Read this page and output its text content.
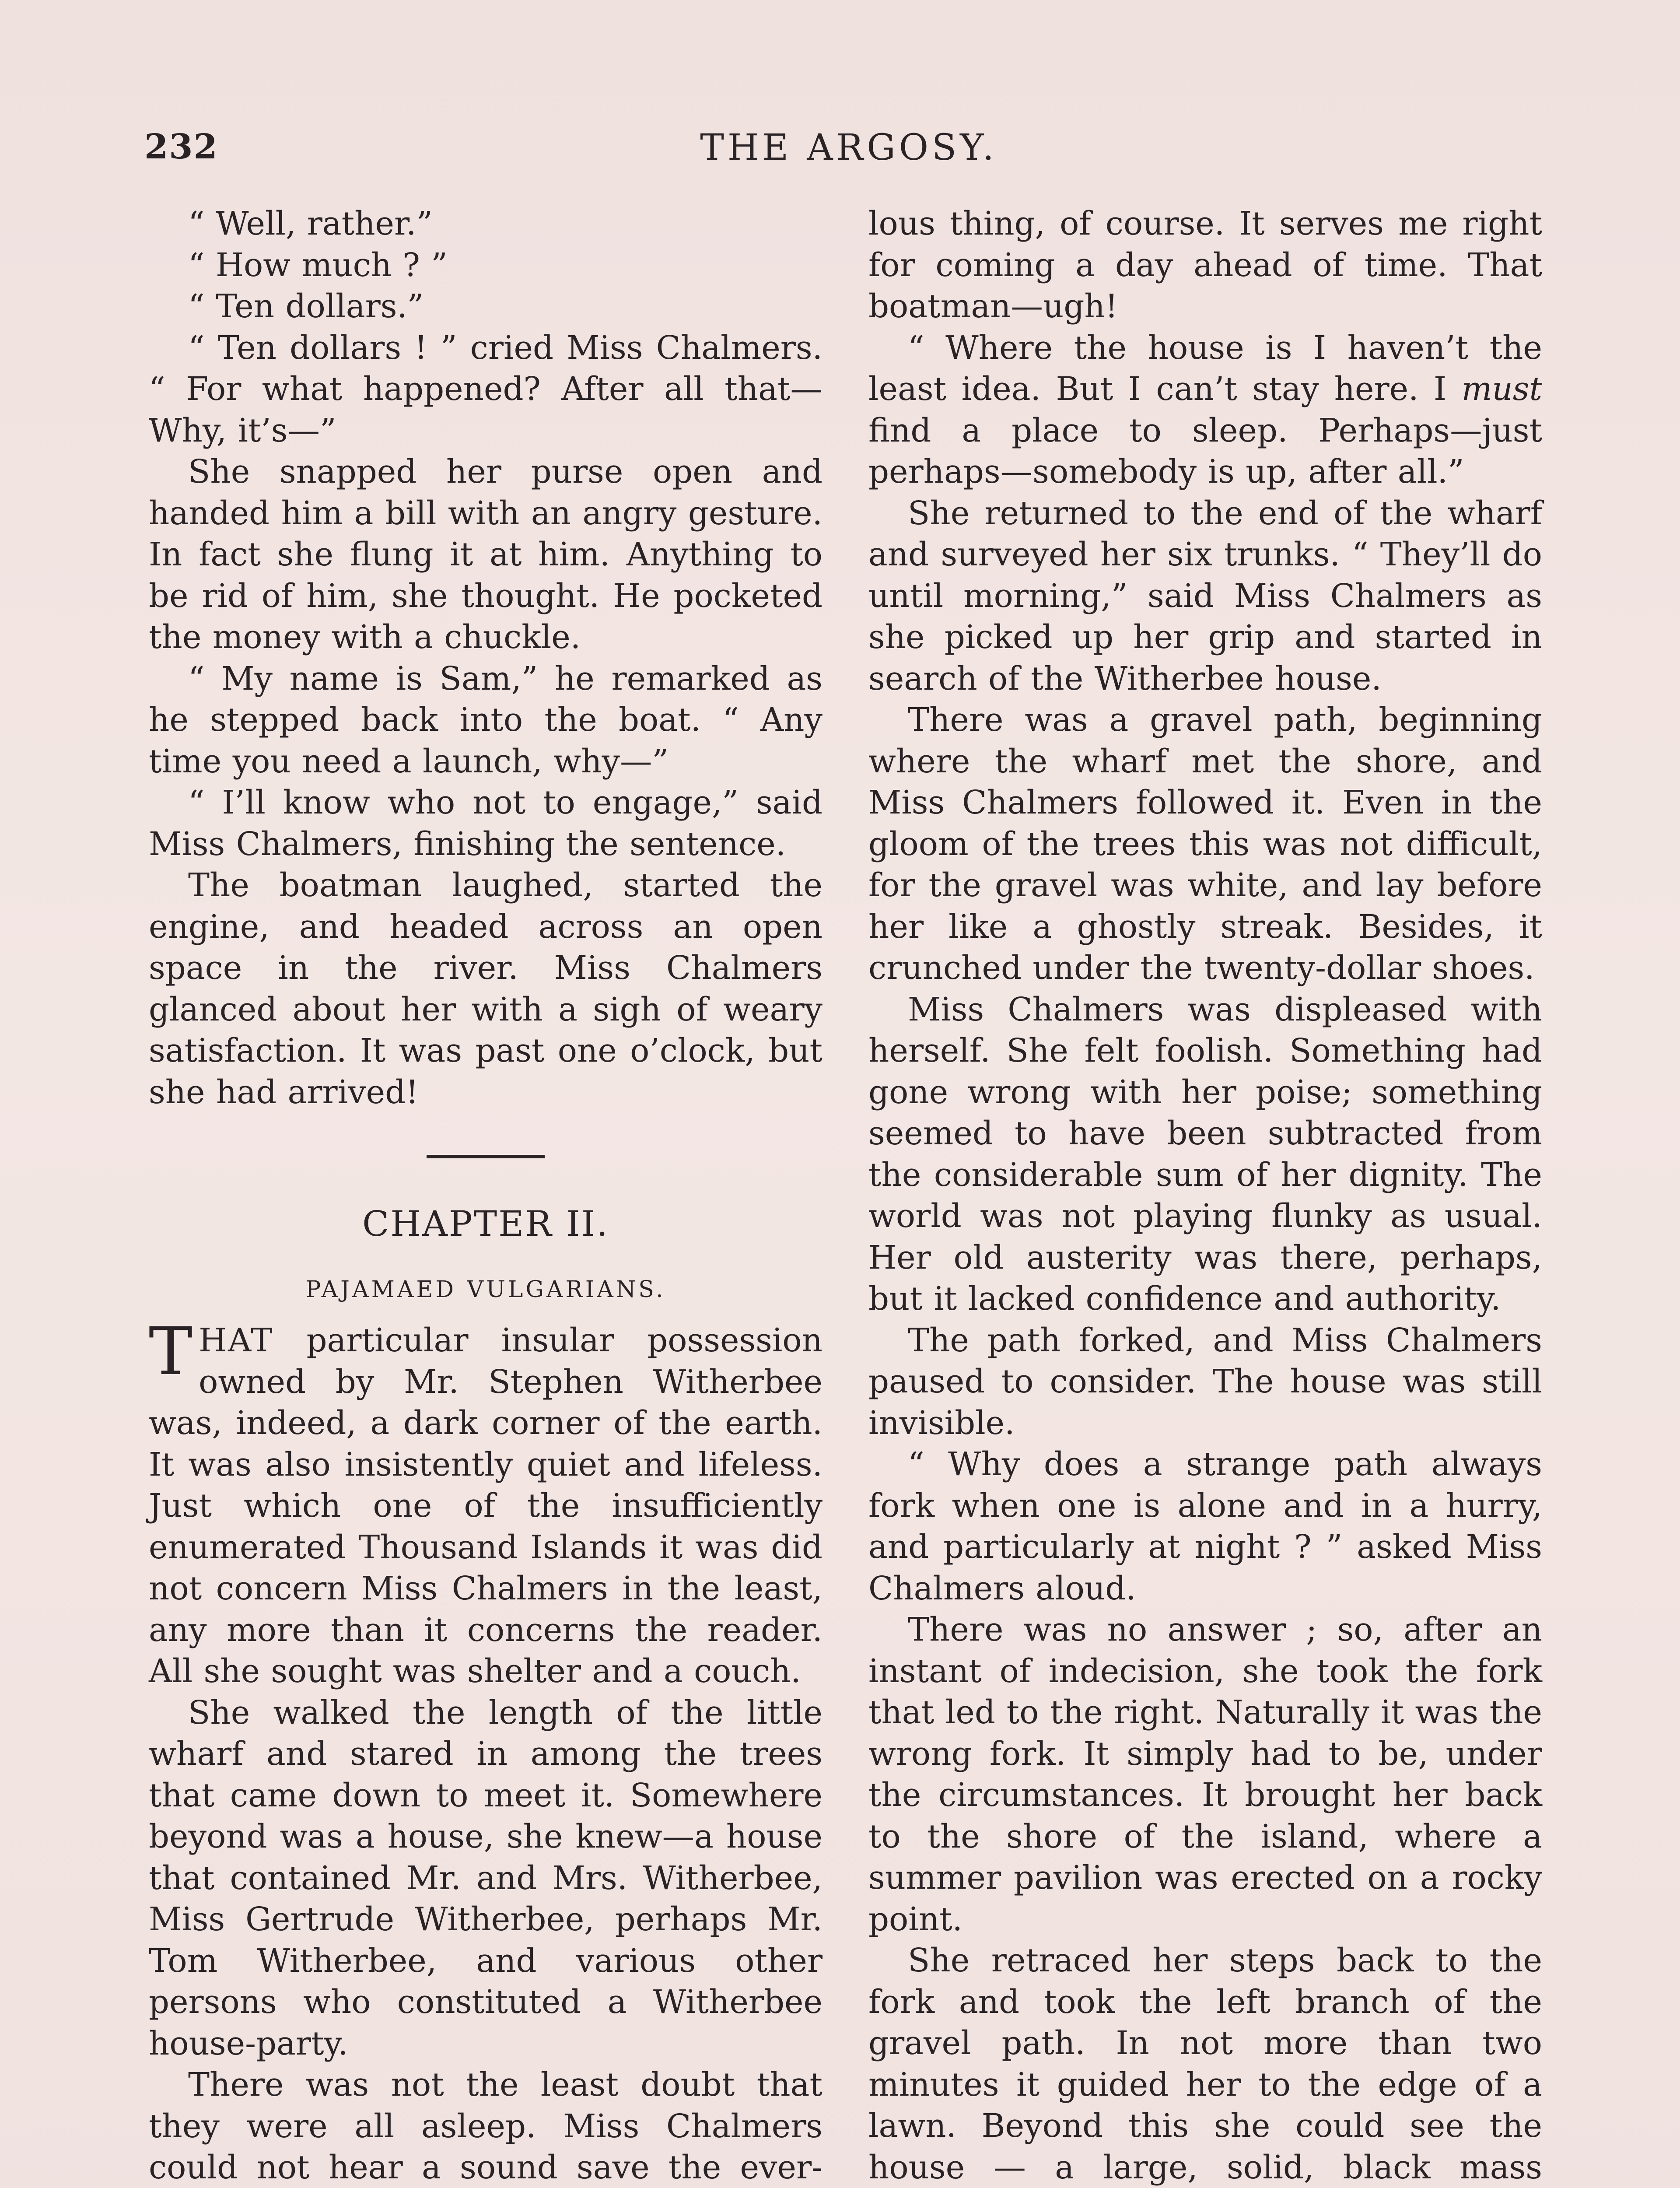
232	THE ARGOSY.

“ Well, rather.”

“ How much ? ”

“ Ten dollars.”

“ Ten dollars ! ” cried Miss Chalmers. “ For what happened? After all that— Why, it’s—”

She snapped her purse open and handed him a bill with an angry gesture. In fact she flung it at him. Anything to be rid of him, she thought. He pocketed the money with a chuckle.

“ My name is Sam,” he remarked as he stepped back into the boat. “ Any time you need a launch, why—”

“ I’ll know who not to engage,” said Miss Chalmers, finishing the sentence.

The boatman laughed, started the engine, and headed across an open space in the river. Miss Chalmers glanced about her with a sigh of weary satisfaction. It was past one o’clock, but she had arrived!

CHAPTER II.
PAJAMAED VULGARIANS.

THAT particular insular possession owned by Mr. Stephen Witherbee was, indeed, a dark corner of the earth. It was also insistently quiet and lifeless. Just which one of the insufficiently enumerated Thousand Islands it was did not concern Miss Chalmers in the least, any more than it concerns the reader. All she sought was shelter and a couch.

She walked the length of the little wharf and stared in among the trees that came down to meet it. Somewhere beyond was a house, she knew—a house that contained Mr. and Mrs. Witherbee, Miss Gertrude Witherbee, perhaps Mr. Tom Witherbee, and various other persons who constituted a Witherbee house-party.

There was not the least doubt that they were all asleep. Miss Chalmers could not hear a sound save the ever-

lous thing, of course. It serves me right for coming a day ahead of time. That boatman—ugh!

“ Where the house is I haven’t the least idea. But I can’t stay here. I must find a place to sleep. Perhaps—just perhaps—somebody is up, after all.”

She returned to the end of the wharf and surveyed her six trunks. “ They’ll do until morning,” said Miss Chalmers as she picked up her grip and started in search of the Witherbee house.

There was a gravel path, beginning where the wharf met the shore, and Miss Chalmers followed it. Even in the gloom of the trees this was not difficult, for the gravel was white, and lay before her like a ghostly streak. Besides, it crunched under the twenty-dollar shoes.

Miss Chalmers was displeased with herself. She felt foolish. Something had gone wrong with her poise; something seemed to have been subtracted from the considerable sum of her dignity. The world was not playing flunky as usual. Her old austerity was there, perhaps, but it lacked confidence and authority.

The path forked, and Miss Chalmers paused to consider. The house was still invisible.

“ Why does a strange path always fork when one is alone and in a hurry, and particularly at night ? ” asked Miss Chalmers aloud.

There was no answer ; so, after an instant of indecision, she took the fork that led to the right. Naturally it was the wrong fork. It simply had to be, under the circumstances. It brought her back to the shore of the island, where a summer pavilion was erected on a rocky point.

She retraced her steps back to the fork and took the left branch of the gravel path. In not more than two minutes it guided her to the edge of a lawn. Beyond this she could see the house — a large, solid, black mass
